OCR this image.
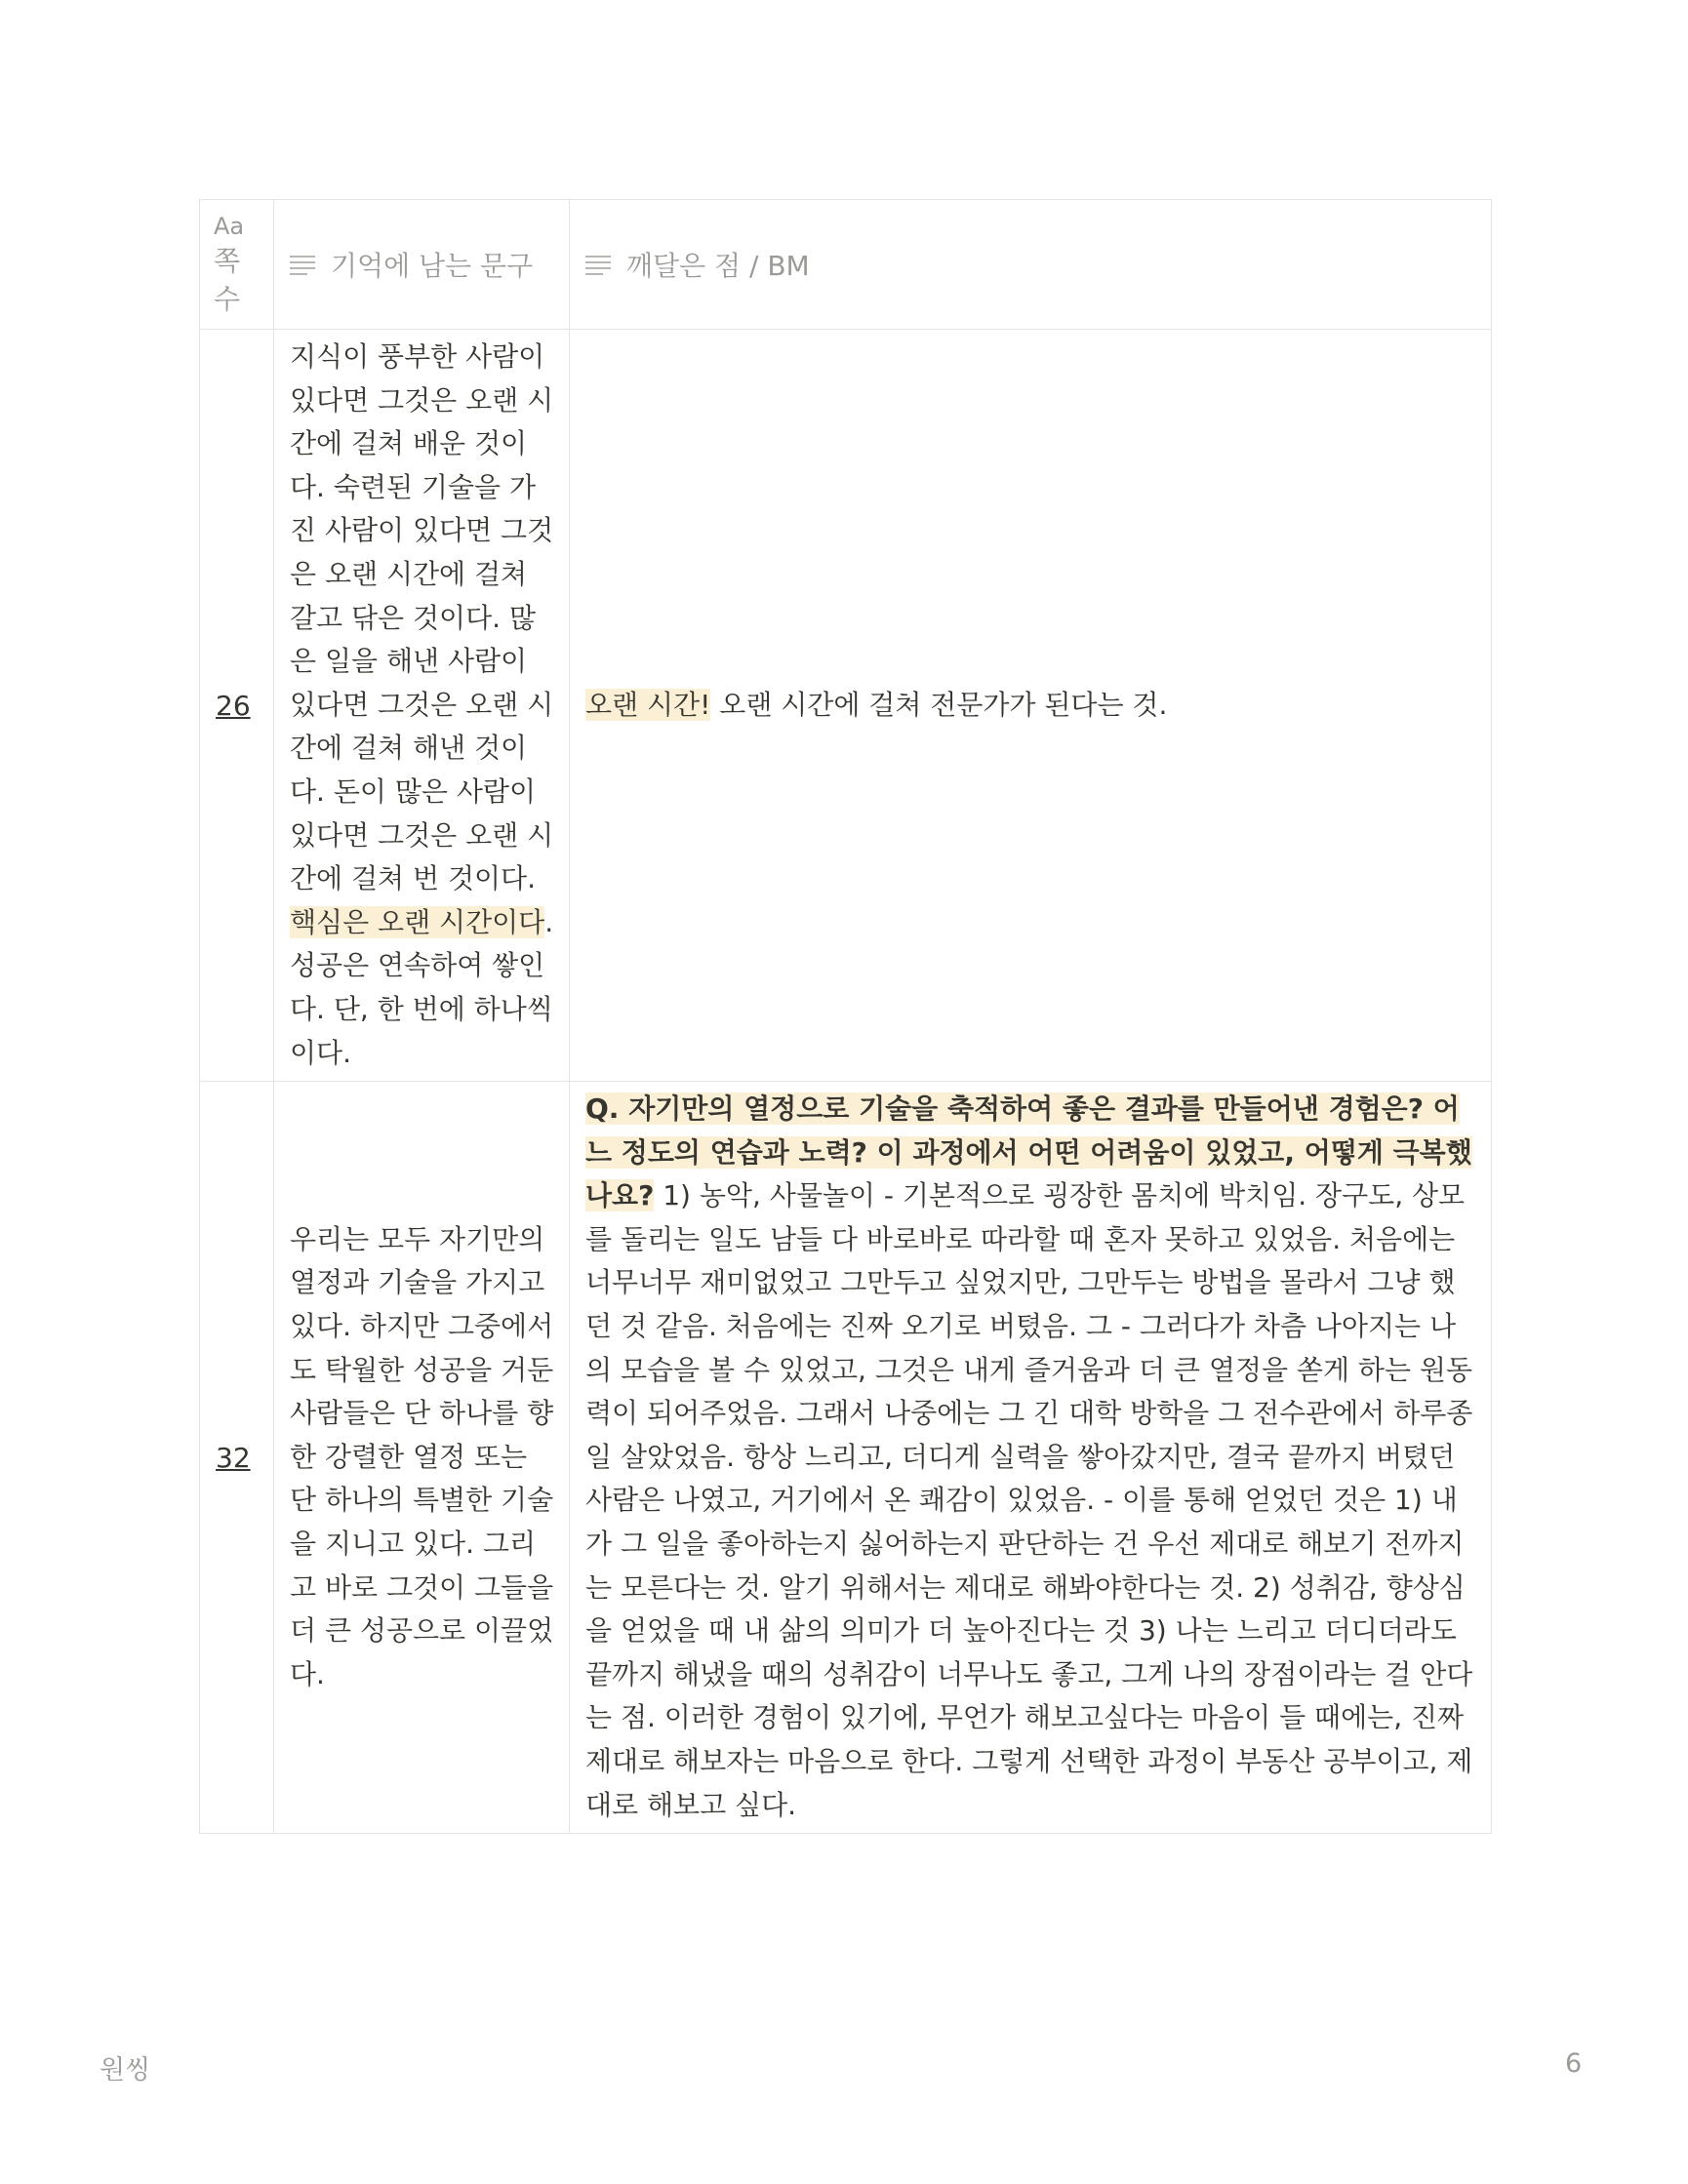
Aa
쪽
수	기억에 남는 문구	깨달은 점 / BM

26	지식이 풍부한 사람이 있다면 그것은 오랜 시간에 걸쳐 배운 것이다. 숙련된 기술을 가진 사람이 있다면 그것은 오랜 시간에 걸쳐 갈고 닦은 것이다. 많은 일을 해낸 사람이 있다면 그것은 오랜 시간에 걸쳐 해낸 것이다. 돈이 많은 사람이 있다면 그것은 오랜 시간에 걸쳐 번 것이다. 핵심은 오랜 시간이다. 성공은 연속하여 쌓인다. 단, 한 번에 하나씩이다.	오랜 시간! 오랜 시간에 걸쳐 전문가가 된다는 것.

32	우리는 모두 자기만의 열정과 기술을 가지고 있다. 하지만 그중에서도 탁월한 성공을 거둔 사람들은 단 하나를 향한 강렬한 열정 또는 단 하나의 특별한 기술을 지니고 있다. 그리고 바로 그것이 그들을 더 큰 성공으로 이끌었다.	Q. 자기만의 열정으로 기술을 축적하여 좋은 결과를 만들어낸 경험은? 어느 정도의 연습과 노력? 이 과정에서 어떤 어려움이 있었고, 어떻게 극복했나요? 1) 농악, 사물놀이 - 기본적으로 굉장한 몸치에 박치임. 장구도, 상모를 돌리는 일도 남들 다 바로바로 따라할 때 혼자 못하고 있었음. 처음에는 너무너무 재미없었고 그만두고 싶었지만, 그만두는 방법을 몰라서 그냥 했던 것 같음. 처음에는 진짜 오기로 버텼음. 그 - 그러다가 차츰 나아지는 나의 모습을 볼 수 있었고, 그것은 내게 즐거움과 더 큰 열정을 쏟게 하는 원동력이 되어주었음. 그래서 나중에는 그 긴 대학 방학을 그 전수관에서 하루종일 살았었음. 항상 느리고, 더디게 실력을 쌓아갔지만, 결국 끝까지 버텼던 사람은 나였고, 거기에서 온 쾌감이 있었음. - 이를 통해 얻었던 것은 1) 내가 그 일을 좋아하는지 싫어하는지 판단하는 건 우선 제대로 해보기 전까지는 모른다는 것. 알기 위해서는 제대로 해봐야한다는 것. 2) 성취감, 향상심을 얻었을 때 내 삶의 의미가 더 높아진다는 것 3) 나는 느리고 더디더라도 끝까지 해냈을 때의 성취감이 너무나도 좋고, 그게 나의 장점이라는 걸 안다는 점. 이러한 경험이 있기에, 무언가 해보고싶다는 마음이 들 때에는, 진짜 제대로 해보자는 마음으로 한다. 그렇게 선택한 과정이 부동산 공부이고, 제대로 해보고 싶다.
원씽	6
